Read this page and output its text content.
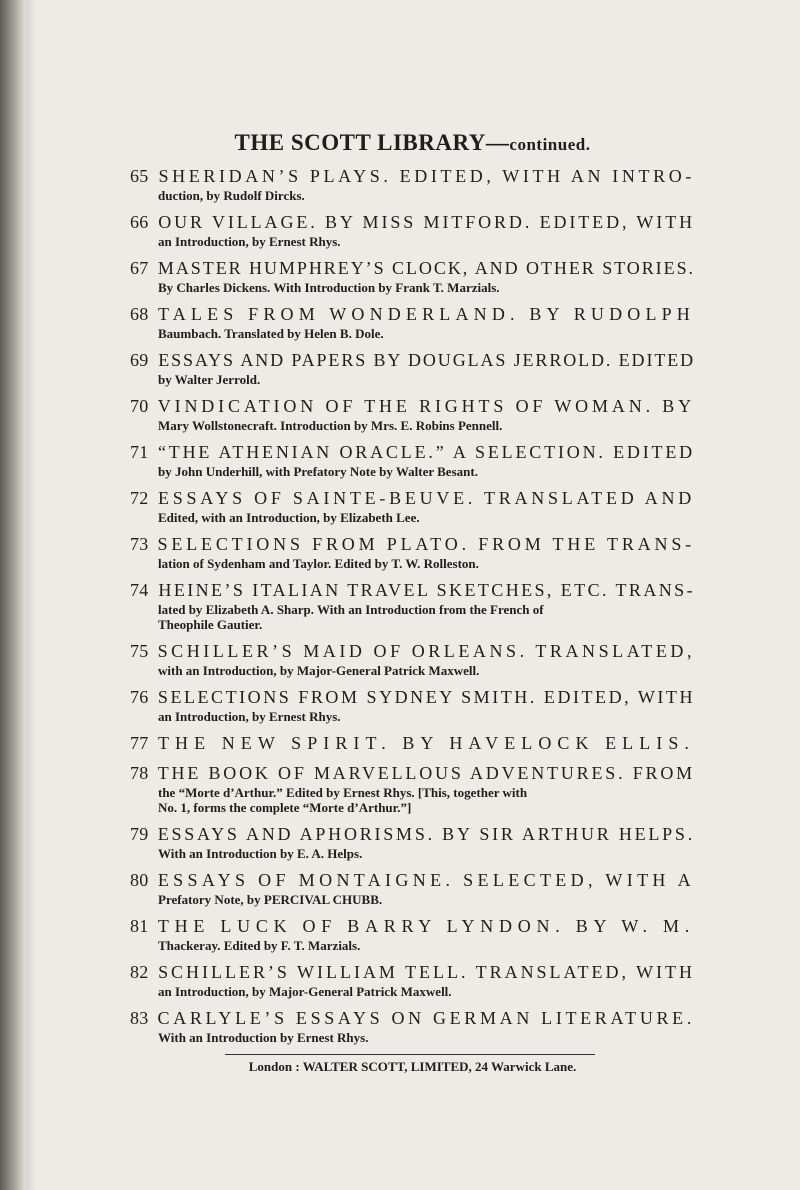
THE SCOTT LIBRARY—continued.
65 SHERIDAN’S PLAYS. EDITED, WITH AN INTRO-
duction, by Rudolf Dircks.
66 OUR VILLAGE. BY MISS MITFORD. EDITED, WITH
an Introduction, by Ernest Rhys.
67 MASTER HUMPHREY’S CLOCK, AND OTHER STORIES.
By Charles Dickens. With Introduction by Frank T. Marzials.
68 TALES FROM WONDERLAND. BY RUDOLPH
Baumbach. Translated by Helen B. Dole.
69 ESSAYS AND PAPERS BY DOUGLAS JERROLD. EDITED
by Walter Jerrold.
70 VINDICATION OF THE RIGHTS OF WOMAN. BY
Mary Wollstonecraft. Introduction by Mrs. E. Robins Pennell.
71 “THE ATHENIAN ORACLE.” A SELECTION. EDITED
by John Underhill, with Prefatory Note by Walter Besant.
72 ESSAYS OF SAINTE-BEUVE. TRANSLATED AND
Edited, with an Introduction, by Elizabeth Lee.
73 SELECTIONS FROM PLATO. FROM THE TRANS-
lation of Sydenham and Taylor. Edited by T. W. Rolleston.
74 HEINE’S ITALIAN TRAVEL SKETCHES, ETC. TRANS-
lated by Elizabeth A. Sharp. With an Introduction from the French of
Theophile Gautier.
75 SCHILLER’S MAID OF ORLEANS. TRANSLATED,
with an Introduction, by Major-General Patrick Maxwell.
76 SELECTIONS FROM SYDNEY SMITH. EDITED, WITH
an Introduction, by Ernest Rhys.
77 THE NEW SPIRIT. BY HAVELOCK ELLIS.
78 THE BOOK OF MARVELLOUS ADVENTURES. FROM
the “Morte d’Arthur.” Edited by Ernest Rhys. [This, together with
No. 1, forms the complete “Morte d’Arthur.”]
79 ESSAYS AND APHORISMS. BY SIR ARTHUR HELPS.
With an Introduction by E. A. Helps.
80 ESSAYS OF MONTAIGNE. SELECTED, WITH A
Prefatory Note, by PERCIVAL CHUBB.
81 THE LUCK OF BARRY LYNDON. BY W. M.
Thackeray. Edited by F. T. Marzials.
82 SCHILLER’S WILLIAM TELL. TRANSLATED, WITH
an Introduction, by Major-General Patrick Maxwell.
83 CARLYLE’S ESSAYS ON GERMAN LITERATURE.
With an Introduction by Ernest Rhys.
London : WALTER SCOTT, LIMITED, 24 Warwick Lane.
